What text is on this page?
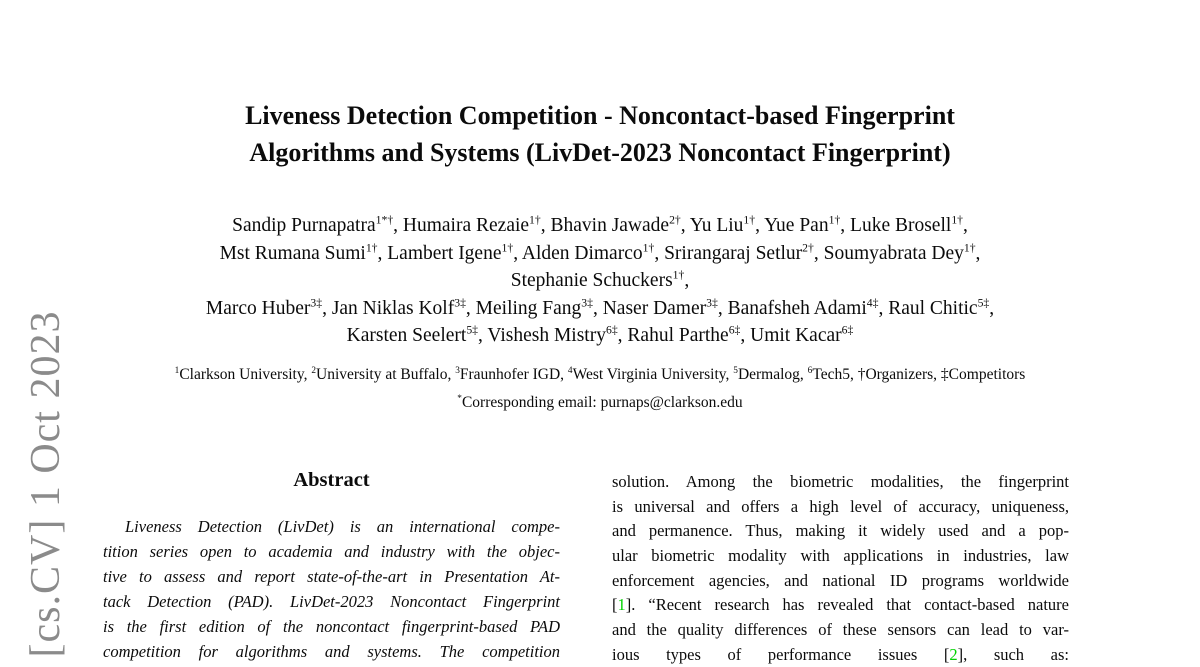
[cs.CV] 1 Oct 2023
Liveness Detection Competition - Noncontact-based Fingerprint
Algorithms and Systems (LivDet-2023 Noncontact Fingerprint)
Sandip Purnapatra$^{1*\dagger}$, Humaira Rezaie$^{1\dagger}$, Bhavin Jawade$^{2\dagger}$, Yu Liu$^{1\dagger}$, Yue Pan$^{1\dagger}$, Luke Brosell$^{1\dagger}$,
Mst Rumana Sumi$^{1\dagger}$, Lambert Igene$^{1\dagger}$, Alden Dimarco$^{1\dagger}$, Srirangaraj Setlur$^{2\dagger}$, Soumyabrata Dey$^{1\dagger}$,
Stephanie Schuckers$^{1\dagger}$,
Marco Huber$^{3\ddagger}$, Jan Niklas Kolf$^{3\ddagger}$, Meiling Fang$^{3\ddagger}$, Naser Damer$^{3\ddagger}$, Banafsheh Adami$^{4\ddagger}$, Raul Chitic$^{5\ddagger}$,
Karsten Seelert$^{5\ddagger}$, Vishesh Mistry$^{6\ddagger}$, Rahul Parthe$^{6\ddagger}$, Umit Kacar$^{6\ddagger}$
$^1$Clarkson University, $^2$University at Buffalo, $^3$Fraunhofer IGD, $^4$West Virginia University, $^5$Dermalog, $^6$Tech5, †Organizers, ‡Competitors
*Corresponding email: purnaps@clarkson.edu
Abstract
Liveness Detection (LivDet) is an international compe-
tition series open to academia and industry with the objec-
tive to assess and report state-of-the-art in Presentation At-
tack Detection (PAD). LivDet-2023 Noncontact Fingerprint
is the first edition of the noncontact fingerprint-based PAD
competition for algorithms and systems. The competition
solution. Among the biometric modalities, the fingerprint
is universal and offers a high level of accuracy, uniqueness,
and permanence. Thus, making it widely used and a pop-
ular biometric modality with applications in industries, law
enforcement agencies, and national ID programs worldwide
[1]. “Recent research has revealed that contact-based nature
and the quality differences of these sensors can lead to var-
ious types of performance issues [2], such as:
